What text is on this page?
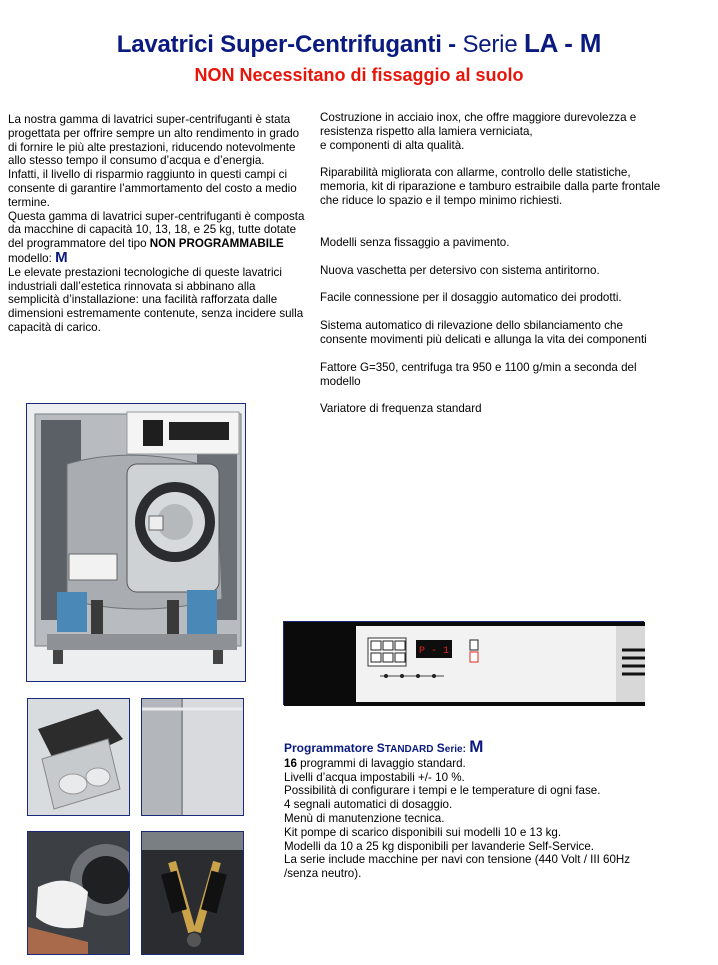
Lavatrici Super-Centrifuganti - Serie LA - M
NON Necessitano di fissaggio al suolo
La nostra gamma di lavatrici super-centrifuganti è stata progettata per offrire sempre un alto rendimento in grado di fornire le più alte prestazioni, riducendo notevolmente allo stesso tempo il consumo d’acqua e d’energia.
Infatti, il livello di risparmio raggiunto in questi campi ci consente di garantire l’ammortamento del costo a medio termine.
Questa gamma di lavatrici super-centrifuganti è composta da macchine di capacità 10, 13, 18, e 25 kg, tutte dotate del programmatore del tipo NON PROGRAMMABILE modello: M
Le elevate prestazioni tecnologiche di queste lavatrici industriali dall’estetica rinnovata si abbinano alla semplicità d’installazione: una facilità rafforzata dalle dimensioni estremamente contenute, senza incidere sulla capacità di carico.

Costruzione in acciaio inox, che offre maggiore durevolezza e resistenza rispetto alla lamiera verniciata,

e componenti di alta qualità.

Riparabilità migliorata con allarme, controllo delle statistiche, memoria, kit di riparazione e tamburo estraibile dalla parte frontale che riduce lo spazio e il tempo minimo richiesti.

Modelli senza fissaggio a pavimento.

Nuova vaschetta per detersivo con sistema antiritorno.

Facile connessione per il dosaggio automatico dei prodotti.

Sistema automatico di rilevazione dello sbilanciamento che consente movimenti più delicati e allunga la vita dei componenti

Fattore G=350, centrifuga tra 950 e 1100 g/min a seconda del modello

Variatore di frequenza standard

P - 1
Programmatore STANDARD Serie: M
16 programmi di lavaggio standard.
Livelli d’acqua impostabili +/- 10 %.
Possibilità di configurare i tempi e le temperature di ogni fase.
4 segnali automatici di dosaggio.
Menù di manutenzione tecnica.
Kit pompe di scarico disponibili sui modelli 10 e 13 kg.
Modelli da 10 a 25 kg disponibili per lavanderie Self-Service.
La serie include macchine per navi con tensione (440 Volt / III 60Hz /senza neutro).
